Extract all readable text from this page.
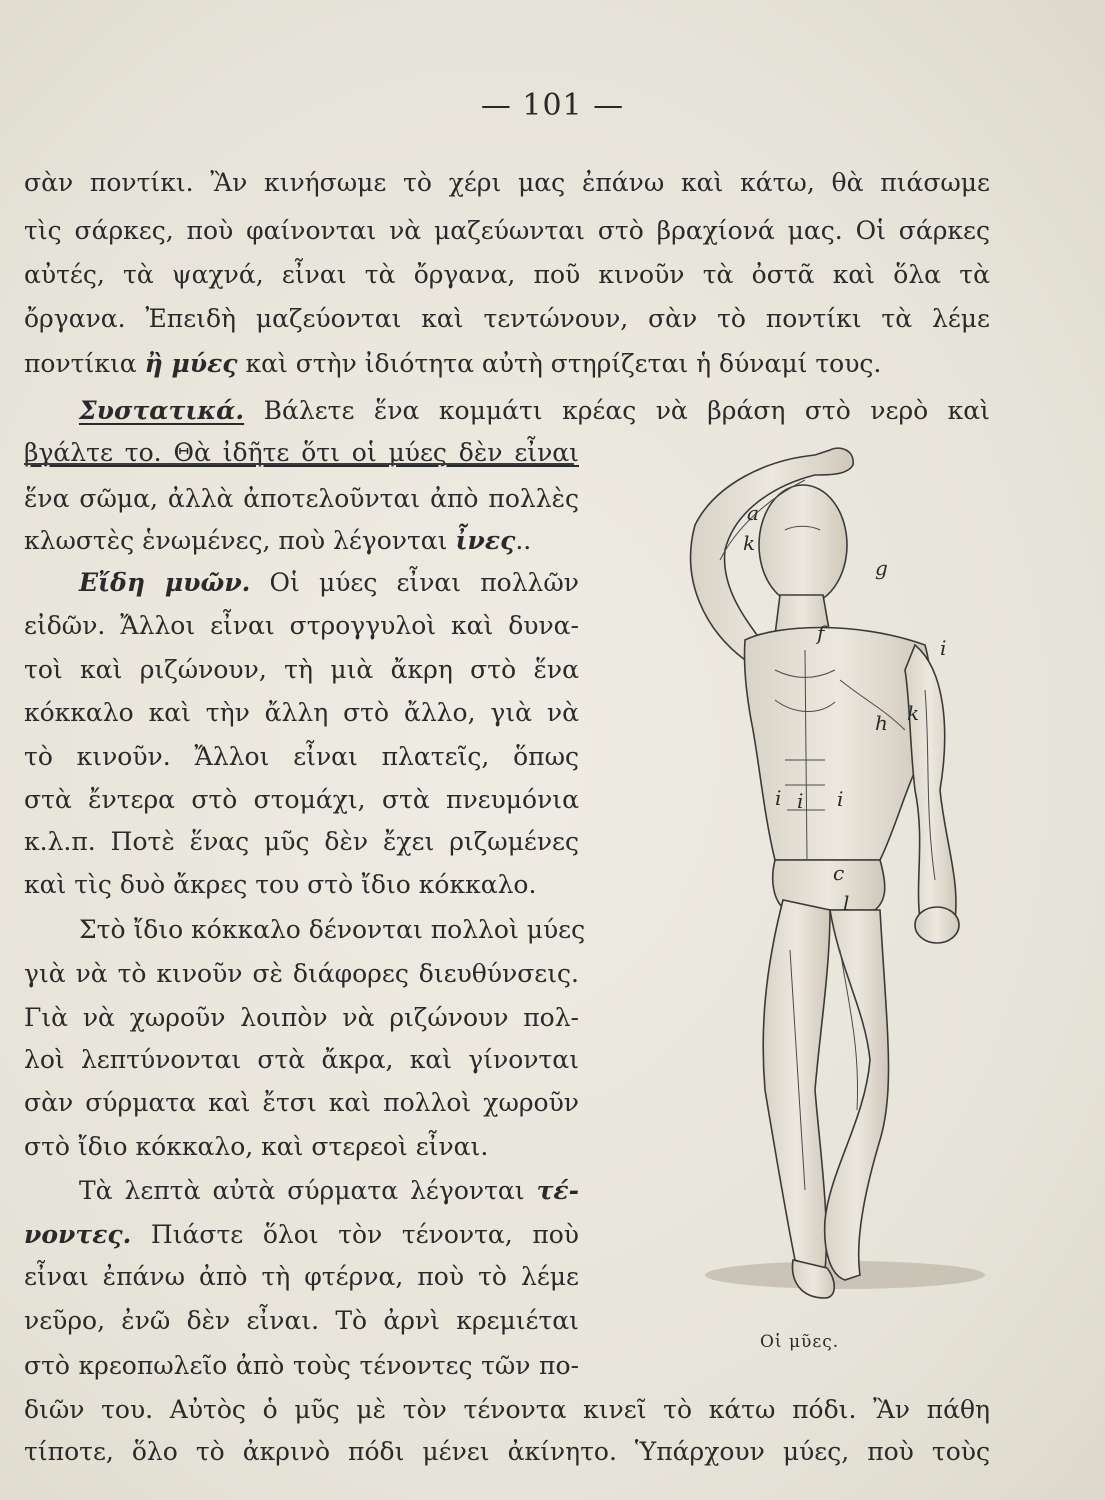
— 101 —
σὰν ποντίκι. Ἂν κινήσωμε τὸ χέρι μας ἐπάνω καὶ κάτω, θὰ πιάσωμε
τὶς σάρκες, ποὺ φαίνονται νὰ μαζεύωνται στὸ βραχίονά μας. Οἱ σάρκες
αὐτές, τὰ ψαχνά, εἶναι τὰ ὄργανα, ποῦ κινοῦν τὰ ὀστᾶ καὶ ὅλα τὰ
ὄργανα. Ἐπειδὴ μαζεύονται καὶ τεντώνουν, σὰν τὸ ποντίκι τὰ λέμε
ποντίκια ἢ μύες καὶ στὴν ἰδιότητα αὐτὴ στηρίζεται ἡ δύναμί τους.
Συστατικά. Βάλετε ἕνα κομμάτι κρέας νὰ βράση στὸ νερὸ καὶ
βγάλτε το. Θὰ ἰδῆτε ὅτι οἱ μύες δὲν εἶναι
ἕνα σῶμα, ἀλλὰ ἀποτελοῦνται ἀπὸ πολλὲς
κλωστὲς ἑνωμένες, ποὺ λέγονται ἶνες..
Εἴδη μυῶν. Οἱ μύες εἶναι πολλῶν
εἰδῶν. Ἄλλοι εἶναι στρογγυλοὶ καὶ δυνα-
τοὶ καὶ ριζώνουν, τὴ μιὰ ἄκρη στὸ ἕνα
κόκκαλο καὶ τὴν ἄλλη στὸ ἄλλο, γιὰ νὰ
τὸ κινοῦν. Ἄλλοι εἶναι πλατεῖς, ὅπως
στὰ ἔντερα στὸ στομάχι, στὰ πνευμόνια
κ.λ.π. Ποτὲ ἕνας μῦς δὲν ἔχει ριζωμένες
καὶ τὶς δυὸ ἄκρες του στὸ ἴδιο κόκκαλο.
Στὸ ἴδιο κόκκαλο δένονται πολλοὶ μύες
γιὰ νὰ τὸ κινοῦν σὲ διάφορες διευθύνσεις.
Γιὰ νὰ χωροῦν λοιπὸν νὰ ριζώνουν πολ-
λοὶ λεπτύνονται στὰ ἄκρα, καὶ γίνονται
σὰν σύρματα καὶ ἔτσι καὶ πολλοὶ χωροῦν
στὸ ἴδιο κόκκαλο, καὶ στερεοὶ εἶναι.
Τὰ λεπτὰ αὐτὰ σύρματα λέγονται τέ-
νοντες. Πιάστε ὅλοι τὸν τένοντα, ποὺ
εἶναι ἐπάνω ἀπὸ τὴ φτέρνα, ποὺ τὸ λέμε
νεῦρο, ἐνῶ δὲν εἶναι. Τὸ ἀρνὶ κρεμιέται
στὸ κρεοπωλεῖο ἀπὸ τοὺς τένοντες τῶν πο-
διῶν του. Αὐτὸς ὁ μῦς μὲ τὸν τένοντα κινεῖ τὸ κάτω πόδι. Ἂν πάθη
τίποτε, ὅλο τὸ ἀκρινὸ πόδι μένει ἀκίνητο. Ὑπάρχουν μύες, ποὺ τοὺς
a
k
g
f
i
h k
i i i
c
l
Οἱ μῦες.
